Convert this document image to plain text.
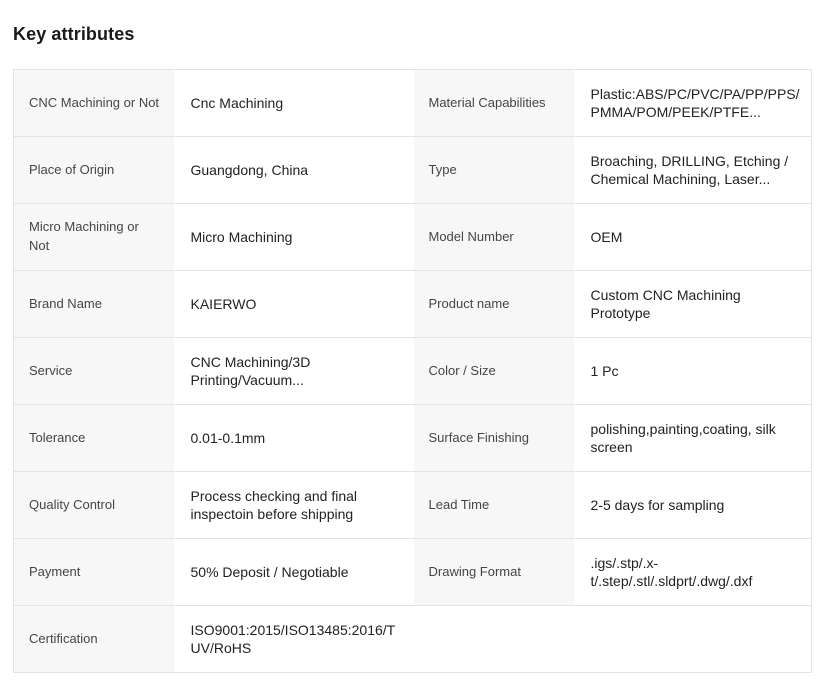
Key attributes
CNC Machining or Not	Cnc Machining	Material Capabilities	Plastic:ABS/PC/PVC/PA/PP/PPS/PMMA/POM/PEEK/PTFE...

Place of Origin	Guangdong, China	Type	Broaching, DRILLING, Etching / Chemical Machining, Laser...

Micro Machining or Not	Micro Machining	Model Number	OEM

Brand Name	KAIERWO	Product name	Custom CNC Machining Prototype

Service	CNC Machining/3D Printing/Vacuum...	Color / Size	1 Pc

Tolerance	0.01-0.1mm	Surface Finishing	polishing,painting,coating, silk screen

Quality Control	Process checking and final inspectoin before shipping	Lead Time	2-5 days for sampling

Payment	50% Deposit / Negotiable	Drawing Format	.igs/.stp/.x-t/.step/.stl/.sldprt/.dwg/.dxf

Certification	ISO9001:2015/ISO13485:2016/TUV/RoHS		
